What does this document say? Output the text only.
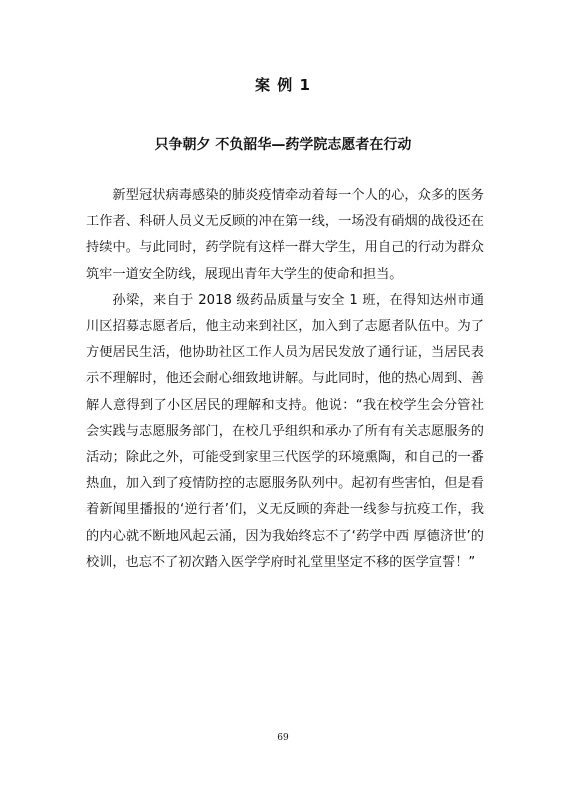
案 例 1
只争朝夕 不负韶华—药学院志愿者在行动

新型冠状病毒感染的肺炎疫情牵动着每一个人的心，众多的医务工作者、科研人员义无反顾的冲在第一线，一场没有硝烟的战役还在持续中。与此同时，药学院有这样一群大学生，用自己的行动为群众筑牢一道安全防线，展现出青年大学生的使命和担当。

孙梁，来自于 2018 级药品质量与安全 1 班，在得知达州市通川区招募志愿者后，他主动来到社区，加入到了志愿者队伍中。为了方便居民生活，他协助社区工作人员为居民发放了通行证，当居民表示不理解时，他还会耐心细致地讲解。与此同时，他的热心周到、善解人意得到了小区居民的理解和支持。他说：“我在校学生会分管社会实践与志愿服务部门，在校几乎组织和承办了所有有关志愿服务的活动；除此之外，可能受到家里三代医学的环境熏陶，和自己的一番热血，加入到了疫情防控的志愿服务队列中。起初有些害怕，但是看着新闻里播报的‘逆行者’们，义无反顾的奔赴一线参与抗疫工作，我的内心就不断地风起云涌，因为我始终忘不了‘药学中西 厚德济世’的校训，也忘不了初次踏入医学学府时礼堂里坚定不移的医学宣誓！”

69
